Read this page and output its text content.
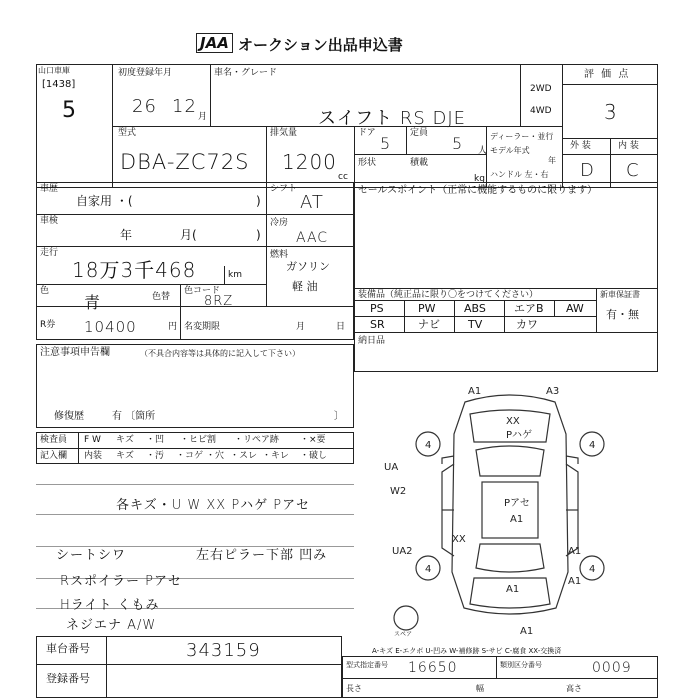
JAA オークション出品申込書
山口車庫
[1438]
5
初度登録年月
26 12 月
車名・グレード
スイフト RS DJE
2WD
4WD
評 価 点
3
型式
DBA-ZC72S
排気量
1200
cc
ドア
5
定員
5 人
形状	積載
kg
ディーラー・並行
モデル年式
年
ハンドル 左・右
外 装	内 装
D C
車歴
自家用 ・(	)
シフト
AT
車検
年	月(	)
冷房
AAC
走行
18万3千468	km
燃料
ガソリン
軽 油
色
青	色替
色コード
8RZ
R券 10400	円 名変期限	月	日
セールスポイント（正常に機能するものに限ります）
装備品（純正品に限り〇をつけてください）	新車保証書
有・無
PS	PW	ABS	エアB AW
SR	ナビ	TV	カワ
納日品
注意事項申告欄	（不具合内容等は具体的に記入して下さい）
修復歴	有 〔箇所	〕
検査員
記入欄
F W キズ ・凹 ・ヒビ割 ・リペア跡 ・×要
内装 キズ ・汚 ・コゲ ・穴 ・スレ ・キレ ・破し
各キズ・U W XX Pハゲ Pアセ
シートシワ	左右ピラー下部 凹み
Rスポイラー Pアセ
Hライト くもみ
ネジエナ A/W
A1	A3
XX
Pハゲ
4	4
4	4
UA
W2
Pアセ
A1
XX
UA2	A1
A1
A1
A1
スペア
A-キズ E-エクボ U-凹み W-補修跡 S-サビ C-腐食 XX-交換済
車台番号	343159
登録番号
型式指定番号 16650	類別区分番号	0009
長さ	幅	高さ
